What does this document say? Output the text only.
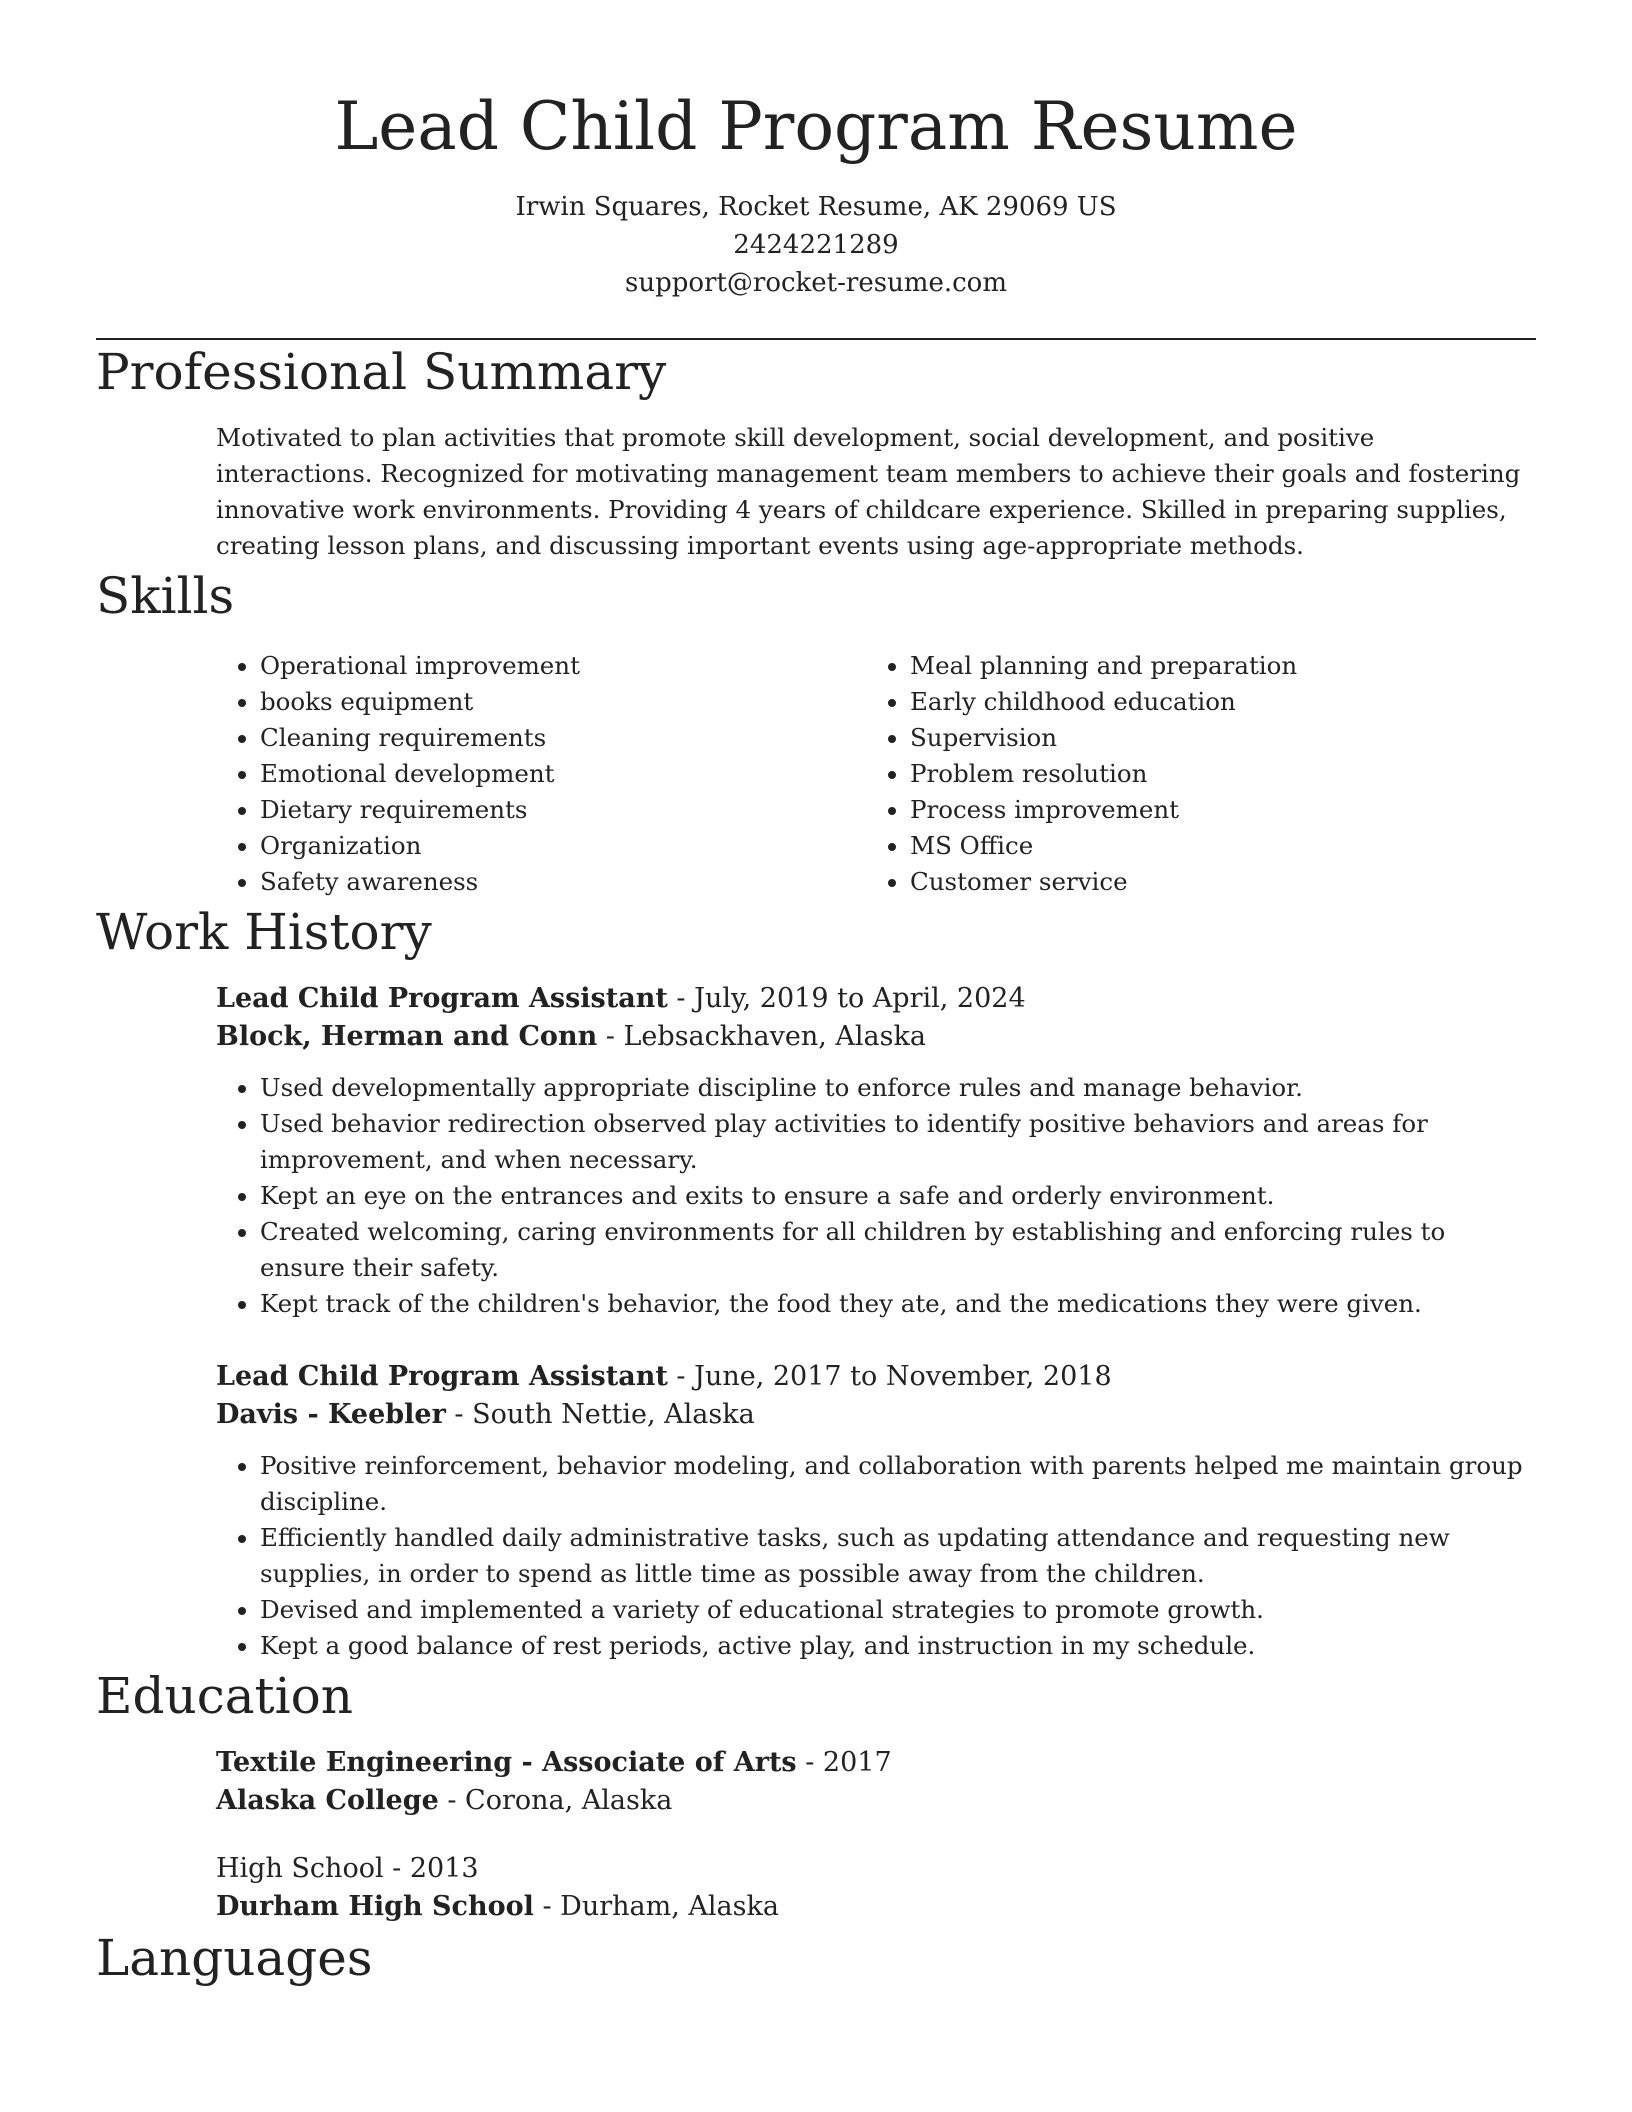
Lead Child Program Resume
Irwin Squares, Rocket Resume, AK 29069 US
2424221289
support@rocket-resume.com
Professional Summary

Motivated to plan activities that promote skill development, social development, and positive interactions. Recognized for motivating management team members to achieve their goals and fostering innovative work environments. Providing 4 years of childcare experience. Skilled in preparing supplies, creating lesson plans, and discussing important events using age-appropriate methods.

Skills
• Operational improvement
• books equipment
• Cleaning requirements
• Emotional development
• Dietary requirements
• Organization
• Safety awareness
• Meal planning and preparation
• Early childhood education
• Supervision
• Problem resolution
• Process improvement
• MS Office
• Customer service
Work History
Lead Child Program Assistant - July, 2019 to April, 2024
Block, Herman and Conn - Lebsackhaven, Alaska
• Used developmentally appropriate discipline to enforce rules and manage behavior.
• Used behavior redirection observed play activities to identify positive behaviors and areas for improvement, and when necessary.
• Kept an eye on the entrances and exits to ensure a safe and orderly environment.
• Created welcoming, caring environments for all children by establishing and enforcing rules to ensure their safety.
• Kept track of the children's behavior, the food they ate, and the medications they were given.
Lead Child Program Assistant - June, 2017 to November, 2018
Davis - Keebler - South Nettie, Alaska
• Positive reinforcement, behavior modeling, and collaboration with parents helped me maintain group discipline.
• Efficiently handled daily administrative tasks, such as updating attendance and requesting new supplies, in order to spend as little time as possible away from the children.
• Devised and implemented a variety of educational strategies to promote growth.
• Kept a good balance of rest periods, active play, and instruction in my schedule.
Education
Textile Engineering - Associate of Arts - 2017
Alaska College - Corona, Alaska
High School - 2013
Durham High School - Durham, Alaska
Languages
